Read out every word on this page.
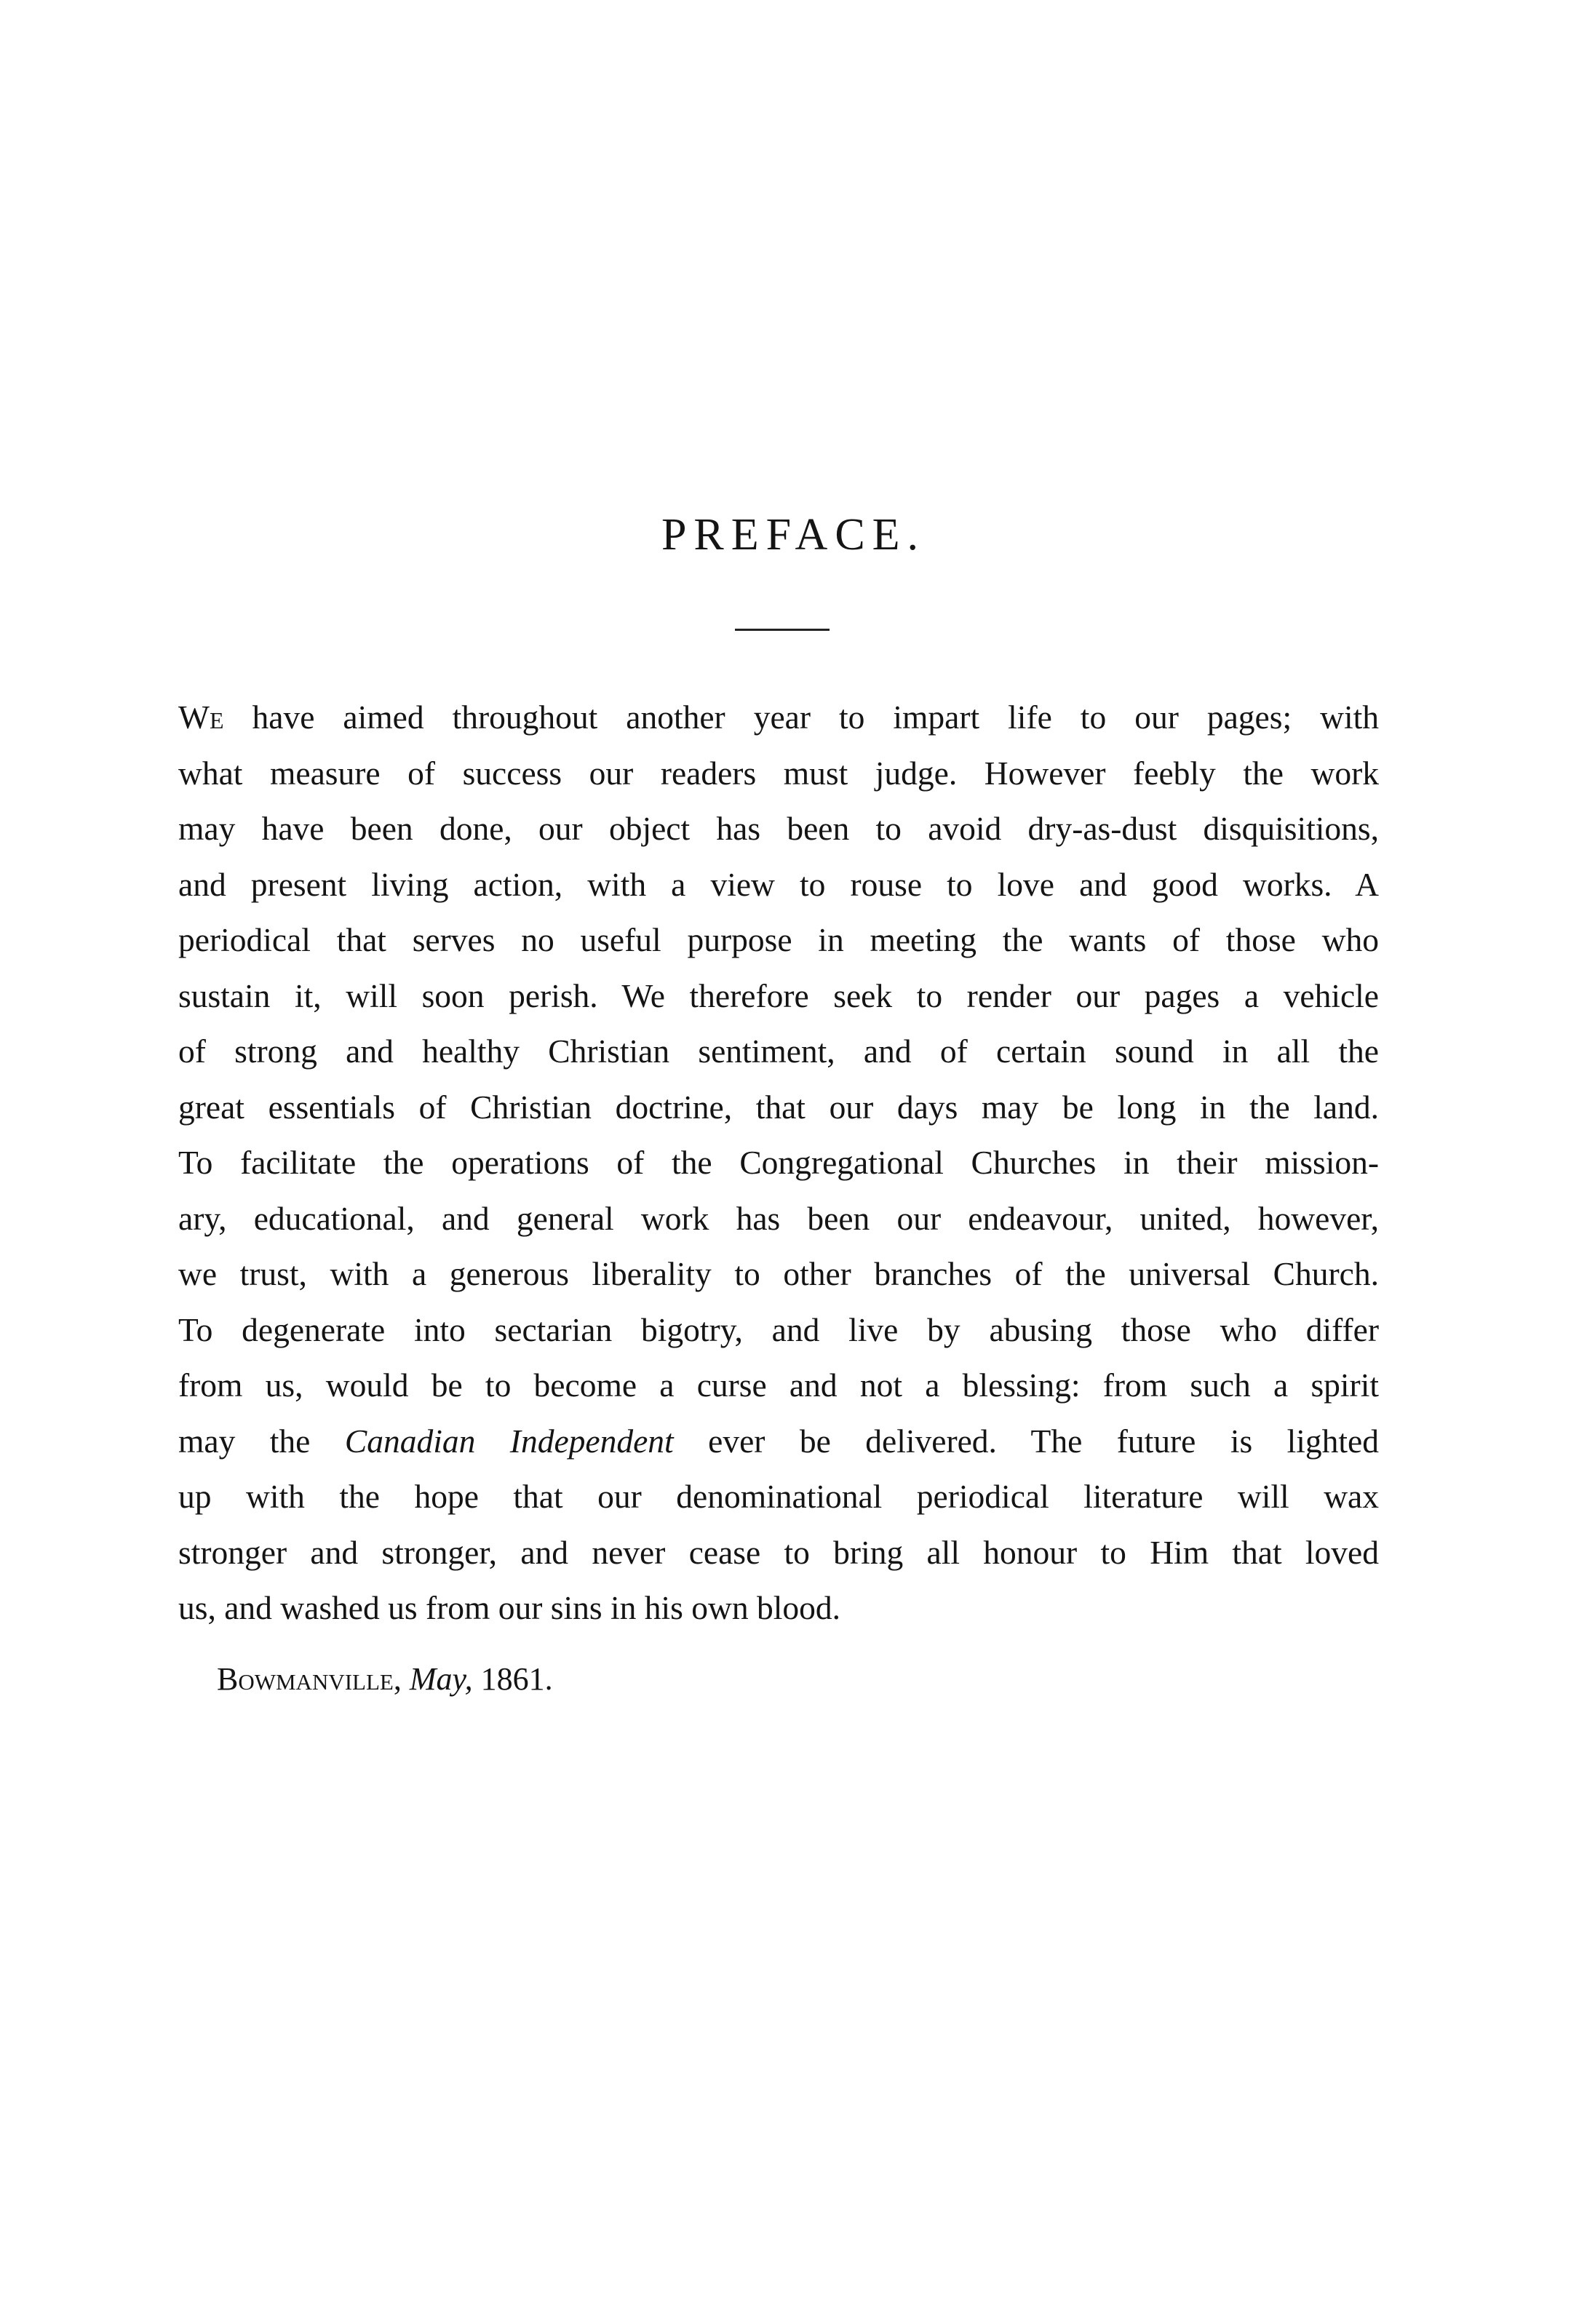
PREFACE.
We have aimed throughout another year to impart life to our pages; with
what measure of success our readers must judge. However feebly the work
may have been done, our object has been to avoid dry-as-dust disquisitions,
and present living action, with a view to rouse to love and good works. A
periodical that serves no useful purpose in meeting the wants of those who
sustain it, will soon perish. We therefore seek to render our pages a vehicle
of strong and healthy Christian sentiment, and of certain sound in all the
great essentials of Christian doctrine, that our days may be long in the land.
To facilitate the operations of the Congregational Churches in their mission-
ary, educational, and general work has been our endeavour, united, however,
we trust, with a generous liberality to other branches of the universal Church.
To degenerate into sectarian bigotry, and live by abusing those who differ
from us, would be to become a curse and not a blessing: from such a spirit
may the Canadian Independent ever be delivered. The future is lighted
up with the hope that our denominational periodical literature will wax
stronger and stronger, and never cease to bring all honour to Him that loved
us, and washed us from our sins in his own blood.

Bowmanville, May, 1861.
